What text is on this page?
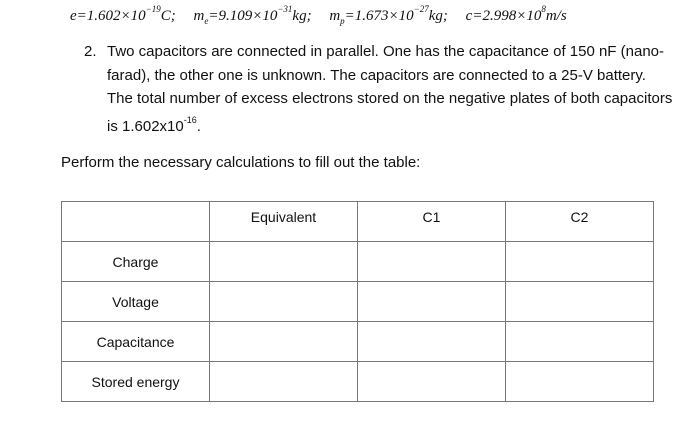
$e=1.602\times 10^{-19}C$; $m_e=9.109\times 10^{-31}kg$; $m_p=1.673\times 10^{-27}kg$; $c=2.998\times 10^8m/s$
2. Two capacitors are connected in parallel. One has the capacitance of 150 nF (nano-farad), the other one is unknown. The capacitors are connected to a 25-V battery. The total number of excess electrons stored on the negative plates of both capacitors is $1.602x10^{-16}$.
Perform the necessary calculations to fill out the table:
	Equivalent	C1	C2
Charge			
Voltage			
Capacitance			
Stored energy			
